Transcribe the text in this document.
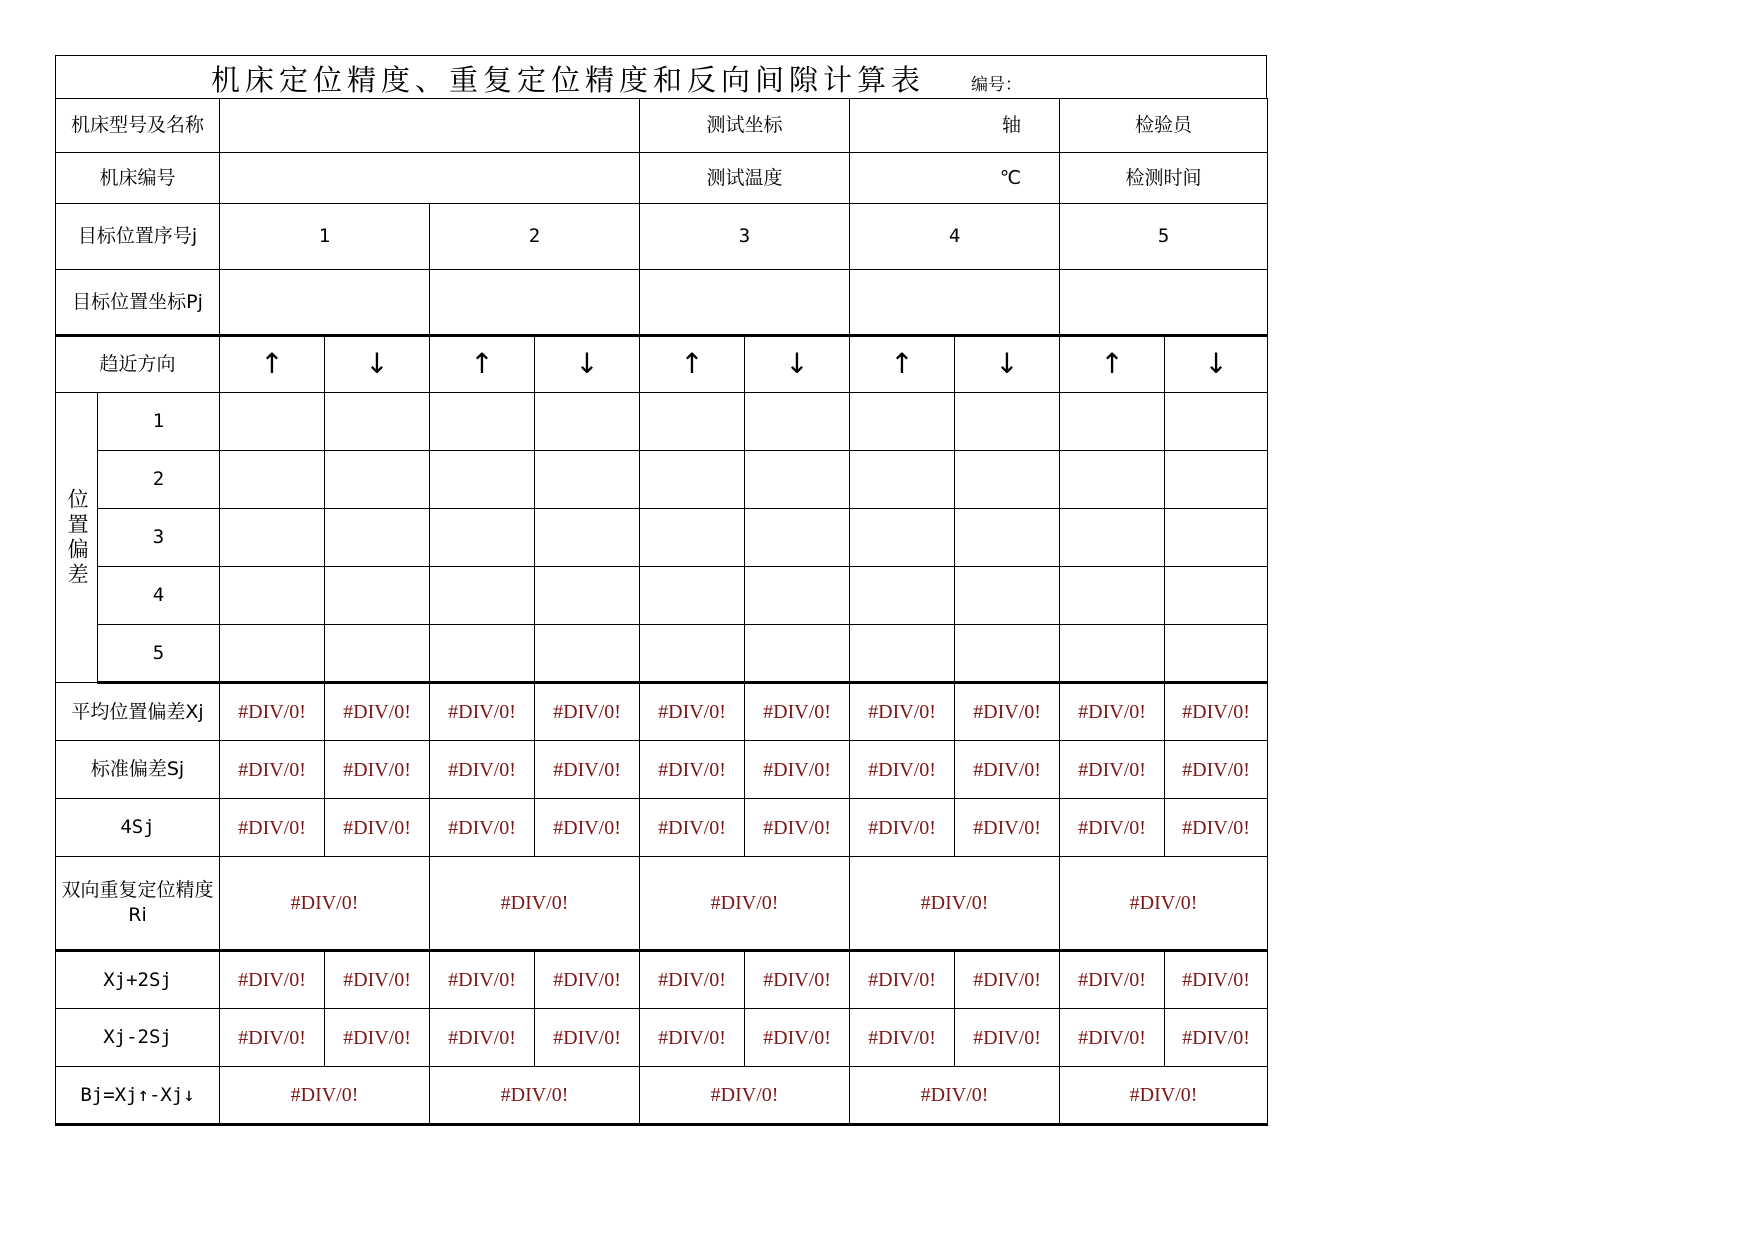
机床定位精度、重复定位精度和反向间隙计算表	编号：
机床型号及名称						测试坐标		轴		检验员	
机床编号						测试温度		℃		检测时间	
目标位置序号j		1		2		3		4		5	
目标位置坐标Pj											
趋近方向		↑	↓	↑	↓	↑	↓	↑	↓	↑	↓
位置偏差	1										
	2										
	3										
	4										
	5										
平均位置偏差Xj		#DIV/0!	#DIV/0!	#DIV/0!	#DIV/0!	#DIV/0!	#DIV/0!	#DIV/0!	#DIV/0!	#DIV/0!	#DIV/0!
标准偏差Sj		#DIV/0!	#DIV/0!	#DIV/0!	#DIV/0!	#DIV/0!	#DIV/0!	#DIV/0!	#DIV/0!	#DIV/0!	#DIV/0!
4Sj		#DIV/0!	#DIV/0!	#DIV/0!	#DIV/0!	#DIV/0!	#DIV/0!	#DIV/0!	#DIV/0!	#DIV/0!	#DIV/0!
双向重复定位精度Ri		#DIV/0!		#DIV/0!		#DIV/0!		#DIV/0!		#DIV/0!	
Xj+2Sj		#DIV/0!	#DIV/0!	#DIV/0!	#DIV/0!	#DIV/0!	#DIV/0!	#DIV/0!	#DIV/0!	#DIV/0!	#DIV/0!
Xj-2Sj		#DIV/0!	#DIV/0!	#DIV/0!	#DIV/0!	#DIV/0!	#DIV/0!	#DIV/0!	#DIV/0!	#DIV/0!	#DIV/0!
Bj=Xj↑-Xj↓		#DIV/0!		#DIV/0!		#DIV/0!		#DIV/0!		#DIV/0!	
